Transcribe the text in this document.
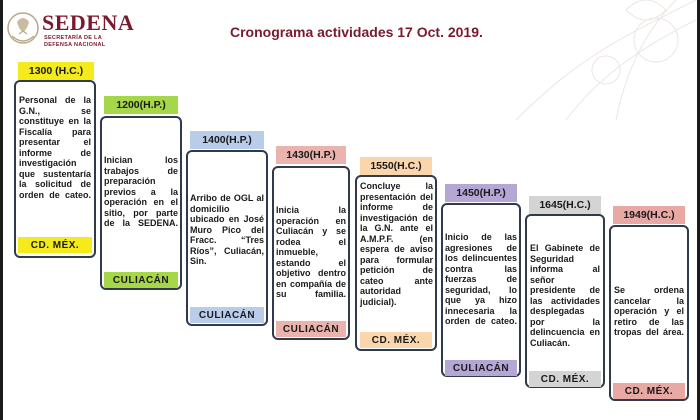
SEDENA
SECRETARÍA DE LA
DEFENSA NACIONAL
Cronograma actividades 17 Oct. 2019.
1300 (H.C.)
Personal de la G.N., se constituye en la Fiscalía para presentar el informe de investigación que sustentaría la solicitud de orden de cateo.
CD. MÉX.
1200(H.P.)
Inician los trabajos de preparación previos a la operación en el sitio, por parte de la SEDENA.
CULIACÁN
1400(H.P.)
Arribo de OGL al domicilio ubicado en José Muro Pico del Fracc. “Tres Ríos”, Culiacán, Sin.
CULIACÁN
1430(H.P.)
Inicia la operación en Culiacán y se rodea el inmueble, estando el objetivo dentro en compañía de su familia.
CULIACÁN
1550(H.C.)
Concluye la presentación del informe de investigación de la G.N. ante el A.M.P.F. (en espera de aviso para formular petición de cateo ante autoridad judicial).
CD. MÉX.
1450(H.P.)
Inicio de las agresiones de los delincuentes contra las fuerzas de seguridad, lo que ya hizo innecesaria la orden de cateo.
CULIACÁN
1645(H.C.)
El Gabinete de Seguridad informa al señor presidente de las actividades desplegadas por la delincuencia en Culiacán.
CD. MÉX.
1949(H.C.)
Se ordena cancelar la operación y el retiro de las tropas del área.
CD. MÉX.
